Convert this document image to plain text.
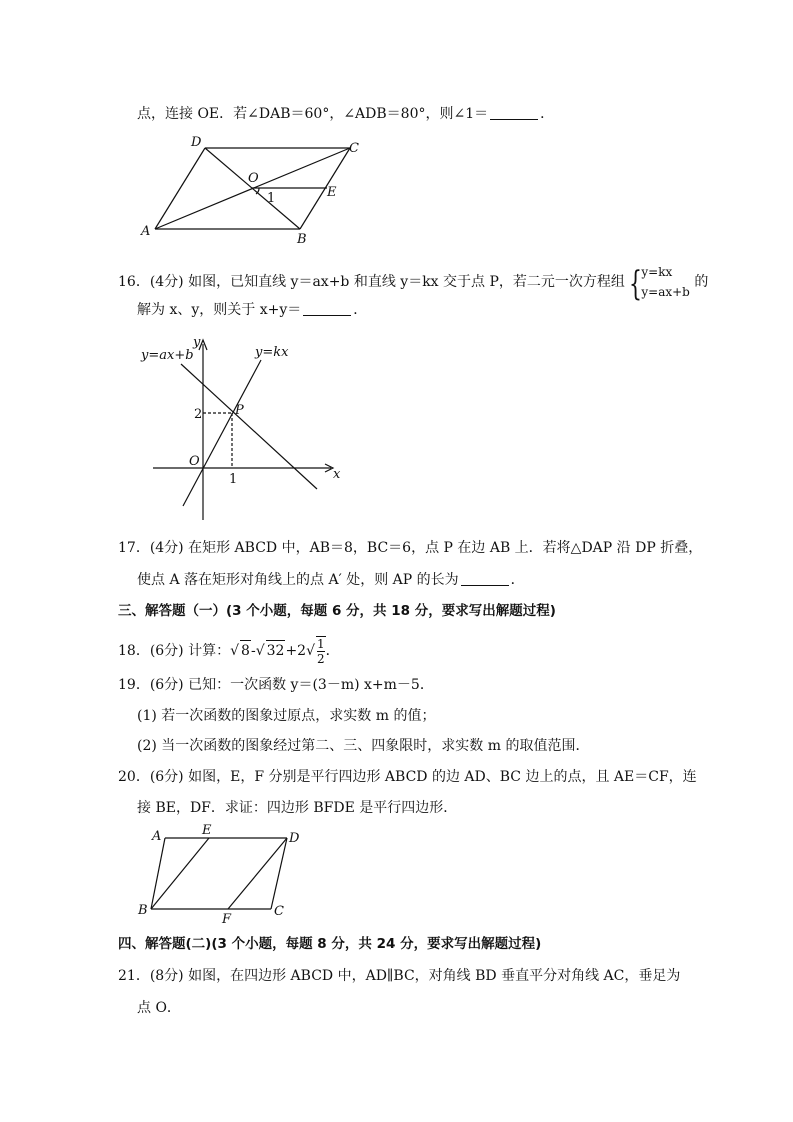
点，连接 OE．若∠DAB＝60°，∠ADB＝80°，则∠1＝	．
D	C
O
E
1
A
B
16．(4分) 如图，已知直线 y＝ax+b 和直线 y＝kx 交于点 P，若二元一次方程组 { y=kx
y=ax+b
的
解为 x、y，则关于 x+y＝	．
y=ax+b	y=kx
y
x
P
O
2
1
17．(4分) 在矩形 ABCD 中，AB＝8，BC＝6，点 P 在边 AB 上．若将△DAP 沿 DP 折叠，
使点 A 落在矩形对角线上的点 A′ 处，则 AP 的长为	．
三、解答题（一）(3 个小题，每题 6 分，共 18 分，要求写出解题过程)
18．(6分) 计算：√ 8-√ $32+2√ \frac{1}{2}$ ．
19．(6分) 已知：一次函数 y＝(3－m) x+m－5．
(1) 若一次函数的图象过原点，求实数 m 的值；
(2) 当一次函数的图象经过第二、三、四象限时，求实数 m 的取值范围．
20．(6分) 如图，E，F 分别是平行四边形 ABCD 的边 AD、BC 边上的点，且 AE＝CF，连
接 BE，DF．求证：四边形 BFDE 是平行四边形．
A	E
D
B
F
C
四、解答题(二)(3 个小题，每题 8 分，共 24 分，要求写出解题过程)
21．(8分) 如图，在四边形 ABCD 中，AD∥BC，对角线 BD 垂直平分对角线 AC，垂足为
点 O．
